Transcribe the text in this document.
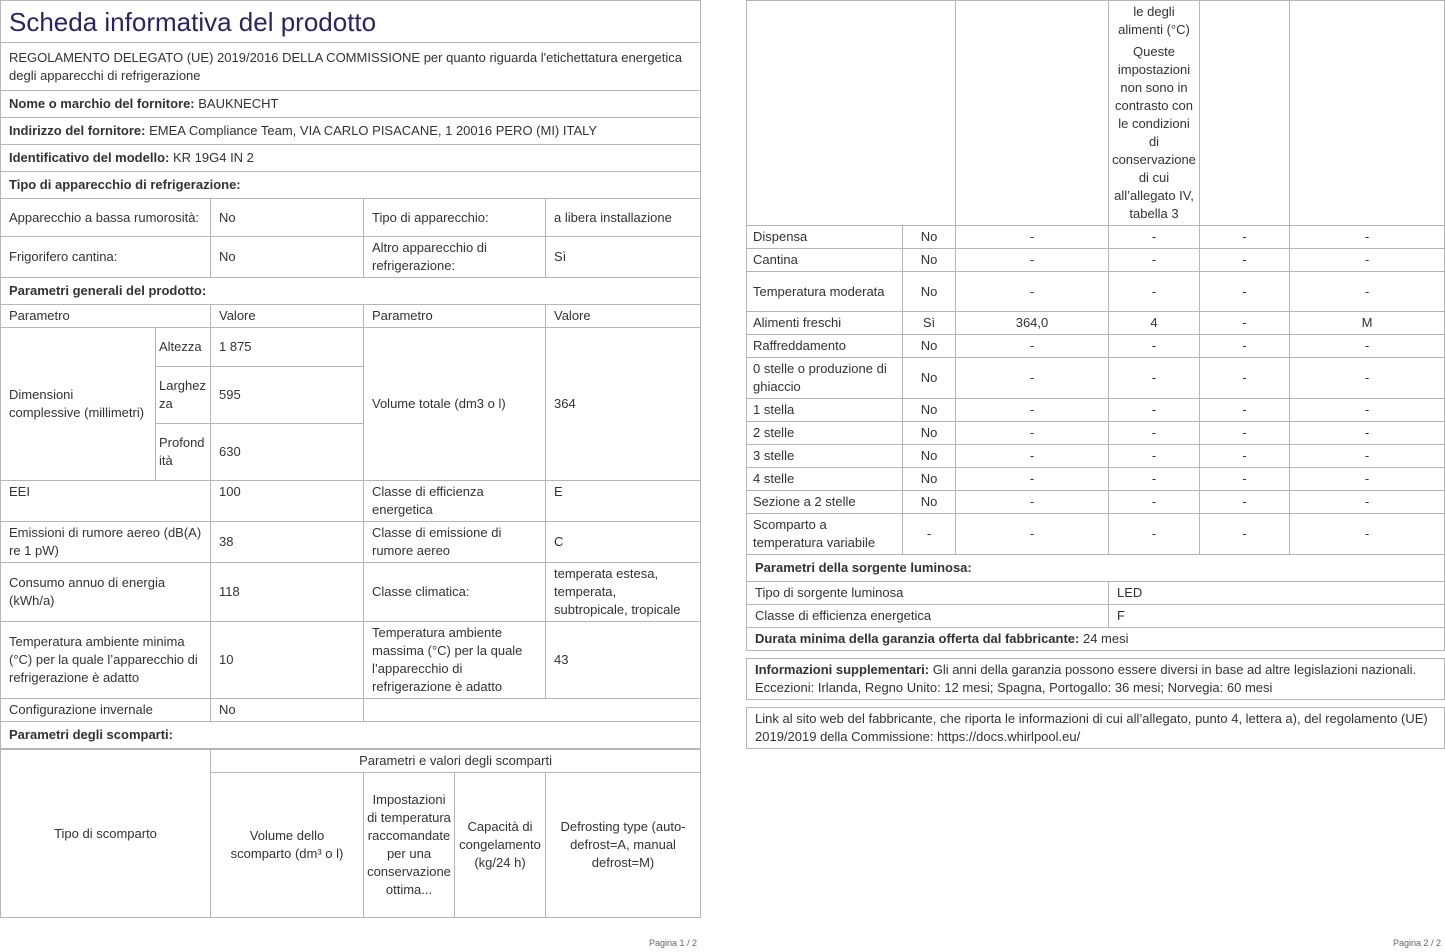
Scheda informativa del prodotto				
REGOLAMENTO DELEGATO (UE) 2019/2016 DELLA COMMISSIONE per quanto riguarda l'etichettatura energetica degli apparecchi di refrigerazione				
Nome o marchio del fornitore: BAUKNECHT				
Indirizzo del fornitore: EMEA Compliance Team, VIA CARLO PISACANE, 1 20016 PERO (MI) ITALY				
Identificativo del modello: KR 19G4 IN 2				
Tipo di apparecchio di refrigerazione:				
Apparecchio a bassa rumorosità:		No	Tipo di apparecchio:	a libera installazione
Frigorifero cantina:		No	Altro apparecchio di refrigerazione:	Sì
Parametri generali del prodotto:				
Parametro		Valore	Parametro	Valore
Dimensioni complessive (millimetri)	Altezza	1 875	Volume totale (dm3 o l)	364
	Larghezza	595		
	Profondità	630		
EEI		100	Classe di efficienza energetica	E
Emissioni di rumore aereo (dB(A) re 1 pW)		38	Classe di emissione di rumore aereo	C
Consumo annuo di energia (kWh/a)		118	Classe climatica:	temperata estesa, temperata, subtropicale, tropicale
Temperatura ambiente minima (°C) per la quale l’apparecchio di refrigerazione è adatto		10	Temperatura ambiente massima (°C) per la quale l’apparecchio di refrigerazione è adatto	43
Configurazione invernale		No		
Parametri degli scomparti:				
Tipo di scomparto	Parametri e valori degli scomparti			
	Volume dello scomparto (dm³ o l)	Impostazioni di temperatura raccomandate per una conservazione ottima...	Capacità di congelamento (kg/24 h)	Defrosting type (auto-defrost=A, manual defrost=M)
Pagina 1 / 2

			le degli alimenti (°C)
Queste impostazioni non sono in contrasto con le condizioni di conservazione di cui all’allegato IV, tabella 3		

Dispensa	No	-	-	-	-
Cantina	No	-	-	-	-
Temperatura moderata	No	-	-	-	-
Alimenti freschi	Sì	364,0	4	-	M
Raffreddamento	No	-	-	-	-
0 stelle o produzione di ghiaccio	No	-	-	-	-
1 stella	No	-	-	-	-
2 stelle	No	-	-	-	-
3 stelle	No	-	-	-	-
4 stelle	No	-	-	-	-
Sezione a 2 stelle	No	-	-	-	-
Scomparto a temperatura variabile	-	-	-	-	-
Parametri della sorgente luminosa:					
Tipo di sorgente luminosa			LED		
Classe di efficienza energetica			F		
Durata minima della garanzia offerta dal fabbricante: 24 mesi					

Informazioni supplementari: Gli anni della garanzia possono essere diversi in base ad altre legislazioni nazionali. Eccezioni: Irlanda, Regno Unito: 12 mesi; Spagna, Portogallo: 36 mesi; Norvegia: 60 mesi					

Link al sito web del fabbricante, che riporta le informazioni di cui all’allegato, punto 4, lettera a), del regolamento (UE) 2019/2019 della Commissione: https://docs.whirlpool.eu/					
Pagina 2 / 2
